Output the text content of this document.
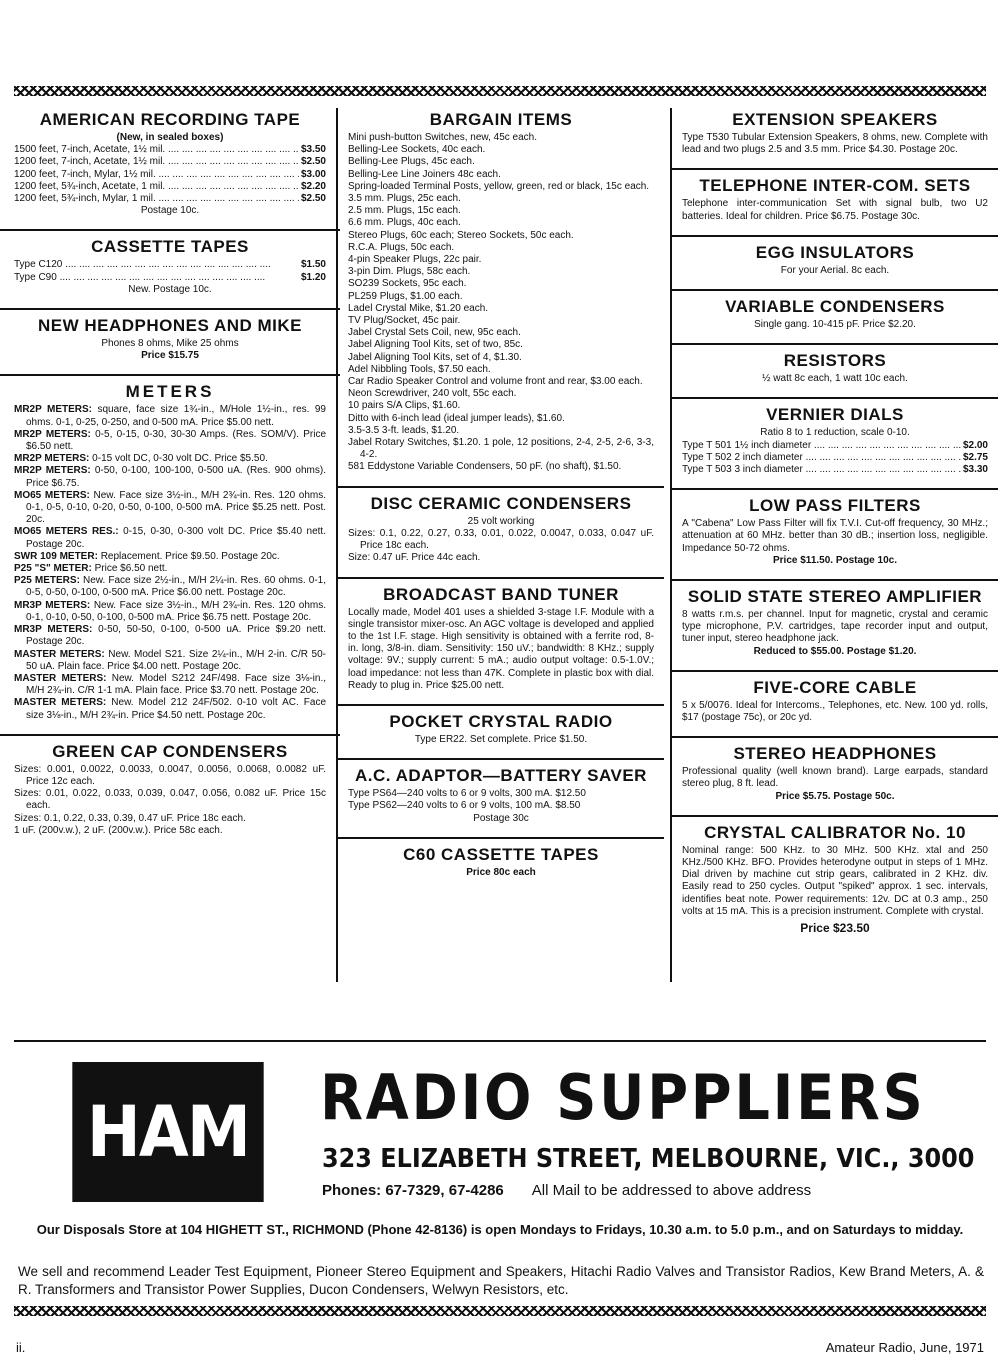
AMERICAN RECORDING TAPE
(New, in sealed boxes)
1500 feet, 7-inch, Acetate, 1½ mil. ....	$3.50
1200 feet, 7-inch, Acetate, 1½ mil. ....	$2.50
1200 feet, 7-inch, Mylar, 1½ mil. ....	$3.00
1200 feet, 5¾-inch, Acetate, 1 mil. ....	$2.20
1200 feet, 5¾-inch, Mylar, 1 mil. ....	$2.50
Postage 10c.
CASSETTE TAPES
Type C120 ....	$1.50
Type C90 ....	$1.20
New. Postage 10c.
NEW HEADPHONES AND MIKE
Phones 8 ohms, Mike 25 ohms
Price $15.75
METERS
MR2P METERS: square, face size 1¾-in., M/Hole 1½-in., res. 99 ohms. 0-1, 0-25, 0-250, and 0-500 mA. Price $5.00 nett.
MR2P METERS: 0-5, 0-15, 0-30, 30-30 Amps. (Res. SOM/V). Price $6.50 nett.
MR2P METERS: 0-15 volt DC, 0-30 volt DC. Price $5.50.
MR2P METERS: 0-50, 0-100, 100-100, 0-500 uA. (Res. 900 ohms). Price $6.75.
MO65 METERS: New. Face size 3½-in., M/H 2¾-in. Res. 120 ohms. 0-1, 0-5, 0-10, 0-20, 0-50, 0-100, 0-500 mA. Price $5.25 nett. Post. 20c.
MO65 METERS RES.: 0-15, 0-30, 0-300 volt DC. Price $5.40 nett. Postage 20c.
SWR 109 METER: Replacement. Price $9.50. Postage 20c.
P25 "S" METER: Price $6.50 nett.
P25 METERS: New. Face size 2½-in., M/H 2¼-in. Res. 60 ohms. 0-1, 0-5, 0-50, 0-100, 0-500 mA. Price $6.00 nett. Postage 20c.
MR3P METERS: New. Face size 3½-in., M/H 2¾-in. Res. 120 ohms. 0-1, 0-10, 0-50, 0-100, 0-500 mA. Price $6.75 nett. Postage 20c.
MR3P METERS: 0-50, 50-50, 0-100, 0-500 uA. Price $9.20 nett. Postage 20c.
MASTER METERS: New. Model S21. Size 2¼-in., M/H 2-in. C/R 50-50 uA. Plain face. Price $4.00 nett. Postage 20c.
MASTER METERS: New. Model S212 24F/498. Face size 3⅛-in., M/H 2¾-in. C/R 1-1 mA. Plain face. Price $3.70 nett. Postage 20c.
MASTER METERS: New. Model 212 24F/502. 0-10 volt AC. Face size 3⅛-in., M/H 2¾-in. Price $4.50 nett. Postage 20c.
GREEN CAP CONDENSERS
Sizes: 0.001, 0.0022, 0.0033, 0.0047, 0.0056, 0.0068, 0.0082 uF. Price 12c each.
Sizes: 0.01, 0.022, 0.033, 0.039, 0.047, 0.056, 0.082 uF. Price 15c each.
Sizes: 0.1, 0.22, 0.33, 0.39, 0.47 uF. Price 18c each.
1 uF. (200v.w.), 2 uF. (200v.w.). Price 58c each.
BARGAIN ITEMS
Mini push-button Switches, new, 45c each.
Belling-Lee Sockets, 40c each.
Belling-Lee Plugs, 45c each.
Belling-Lee Line Joiners 48c each.
Spring-loaded Terminal Posts, yellow, green, red or black, 15c each.
3.5 mm. Plugs, 25c each.
2.5 mm. Plugs, 15c each.
6.6 mm. Plugs, 40c each.
Stereo Plugs, 60c each; Stereo Sockets, 50c each.
R.C.A. Plugs, 50c each.
4-pin Speaker Plugs, 22c pair.
3-pin Dim. Plugs, 58c each.
SO239 Sockets, 95c each.
PL259 Plugs, $1.00 each.
Ladel Crystal Mike, $1.20 each.
TV Plug/Socket, 45c pair.
Jabel Crystal Sets Coil, new, 95c each.
Jabel Aligning Tool Kits, set of two, 85c.
Jabel Aligning Tool Kits, set of 4, $1.30.
Adel Nibbling Tools, $7.50 each.
Car Radio Speaker Control and volume front and rear, $3.00 each.
Neon Screwdriver, 240 volt, 55c each.
10 pairs S/A Clips, $1.60.
Ditto with 6-inch lead (ideal jumper leads), $1.60.
3.5-3.5 3-ft. leads, $1.20.
Jabel Rotary Switches, $1.20. 1 pole, 12 positions, 2-4, 2-5, 2-6, 3-3, 4-2.
581 Eddystone Variable Condensers, 50 pF. (no shaft), $1.50.
DISC CERAMIC CONDENSERS
25 volt working
Sizes: 0.1, 0.22, 0.27, 0.33, 0.01, 0.022, 0.0047, 0.033, 0.047 uF. Price 18c each.
Size: 0.47 uF. Price 44c each.
BROADCAST BAND TUNER
Locally made, Model 401 uses a shielded 3-stage I.F. Module with a single transistor mixer-osc. An AGC voltage is developed and applied to the 1st I.F. stage. High sensitivity is obtained with a ferrite rod, 8-in. long, 3/8-in. diam. Sensitivity: 150 uV.; bandwidth: 8 KHz.; supply voltage: 9V.; supply current: 5 mA.; audio output voltage: 0.5-1.0V.; load impedance: not less than 47K. Complete in plastic box with dial. Ready to plug in. Price $25.00 nett.
POCKET CRYSTAL RADIO
Type ER22. Set complete. Price $1.50.
A.C. ADAPTOR—BATTERY SAVER
Type PS64—240 volts to 6 or 9 volts, 300 mA. $12.50
Type PS62—240 volts to 6 or 9 volts, 100 mA. $8.50
Postage 30c
C60 CASSETTE TAPES
Price 80c each
EXTENSION SPEAKERS
Type T530 Tubular Extension Speakers, 8 ohms, new. Complete with lead and two plugs 2.5 and 3.5 mm. Price $4.30. Postage 20c.
TELEPHONE INTER-COM. SETS
Telephone inter-communication Set with signal bulb, two U2 batteries. Ideal for children. Price $6.75. Postage 30c.
EGG INSULATORS
For your Aerial. 8c each.
VARIABLE CONDENSERS
Single gang. 10-415 pF. Price $2.20.
RESISTORS
½ watt 8c each, 1 watt 10c each.
VERNIER DIALS
Ratio 8 to 1 reduction, scale 0-10.
Type T 501 1½ inch diameter ....	$2.00
Type T 502 2 inch diameter ....	$2.75
Type T 503 3 inch diameter ....	$3.30
LOW PASS FILTERS
A "Cabena" Low Pass Filter will fix T.V.I. Cut-off frequency, 30 MHz.; attenuation at 60 MHz. better than 30 dB.; insertion loss, negligible. Impedance 50-72 ohms.
Price $11.50. Postage 10c.
SOLID STATE STEREO AMPLIFIER
8 watts r.m.s. per channel. Input for magnetic, crystal and ceramic type microphone, P.V. cartridges, tape recorder input and output, tuner input, stereo headphone jack.
Reduced to $55.00. Postage $1.20.
FIVE-CORE CABLE
5 x 5/0076. Ideal for Intercoms., Telephones, etc. New. 100 yd. rolls, $17 (postage 75c), or 20c yd.
STEREO HEADPHONES
Professional quality (well known brand). Large earpads, standard stereo plug, 8 ft. lead.
Price $5.75. Postage 50c.
CRYSTAL CALIBRATOR No. 10
Nominal range: 500 KHz. to 30 MHz. 500 KHz. xtal and 250 KHz./500 KHz. BFO. Provides heterodyne output in steps of 1 MHz. Dial driven by machine cut strip gears, calibrated in 2 KHz. div. Easily read to 250 cycles. Output "spiked" approx. 1 sec. intervals, identifies beat note. Power requirements: 12v. DC at 0.3 amp., 250 volts at 15 mA. This is a precision instrument. Complete with crystal.
Price $23.50
HAM RADIO SUPPLIERS
323 ELIZABETH STREET, MELBOURNE, VIC., 3000
Phones: 67-7329, 67-4286 All Mail to be addressed to above address
Our Disposals Store at 104 HIGHETT ST., RICHMOND (Phone 42-8136) is open Mondays to Fridays, 10.30 a.m. to 5.0 p.m., and on Saturdays to midday.
We sell and recommend Leader Test Equipment, Pioneer Stereo Equipment and Speakers, Hitachi Radio Valves and Transistor Radios, Kew Brand Meters, A. & R. Transformers and Transistor Power Supplies, Ducon Condensers, Welwyn Resistors, etc.
ii.	Amateur Radio, June, 1971
